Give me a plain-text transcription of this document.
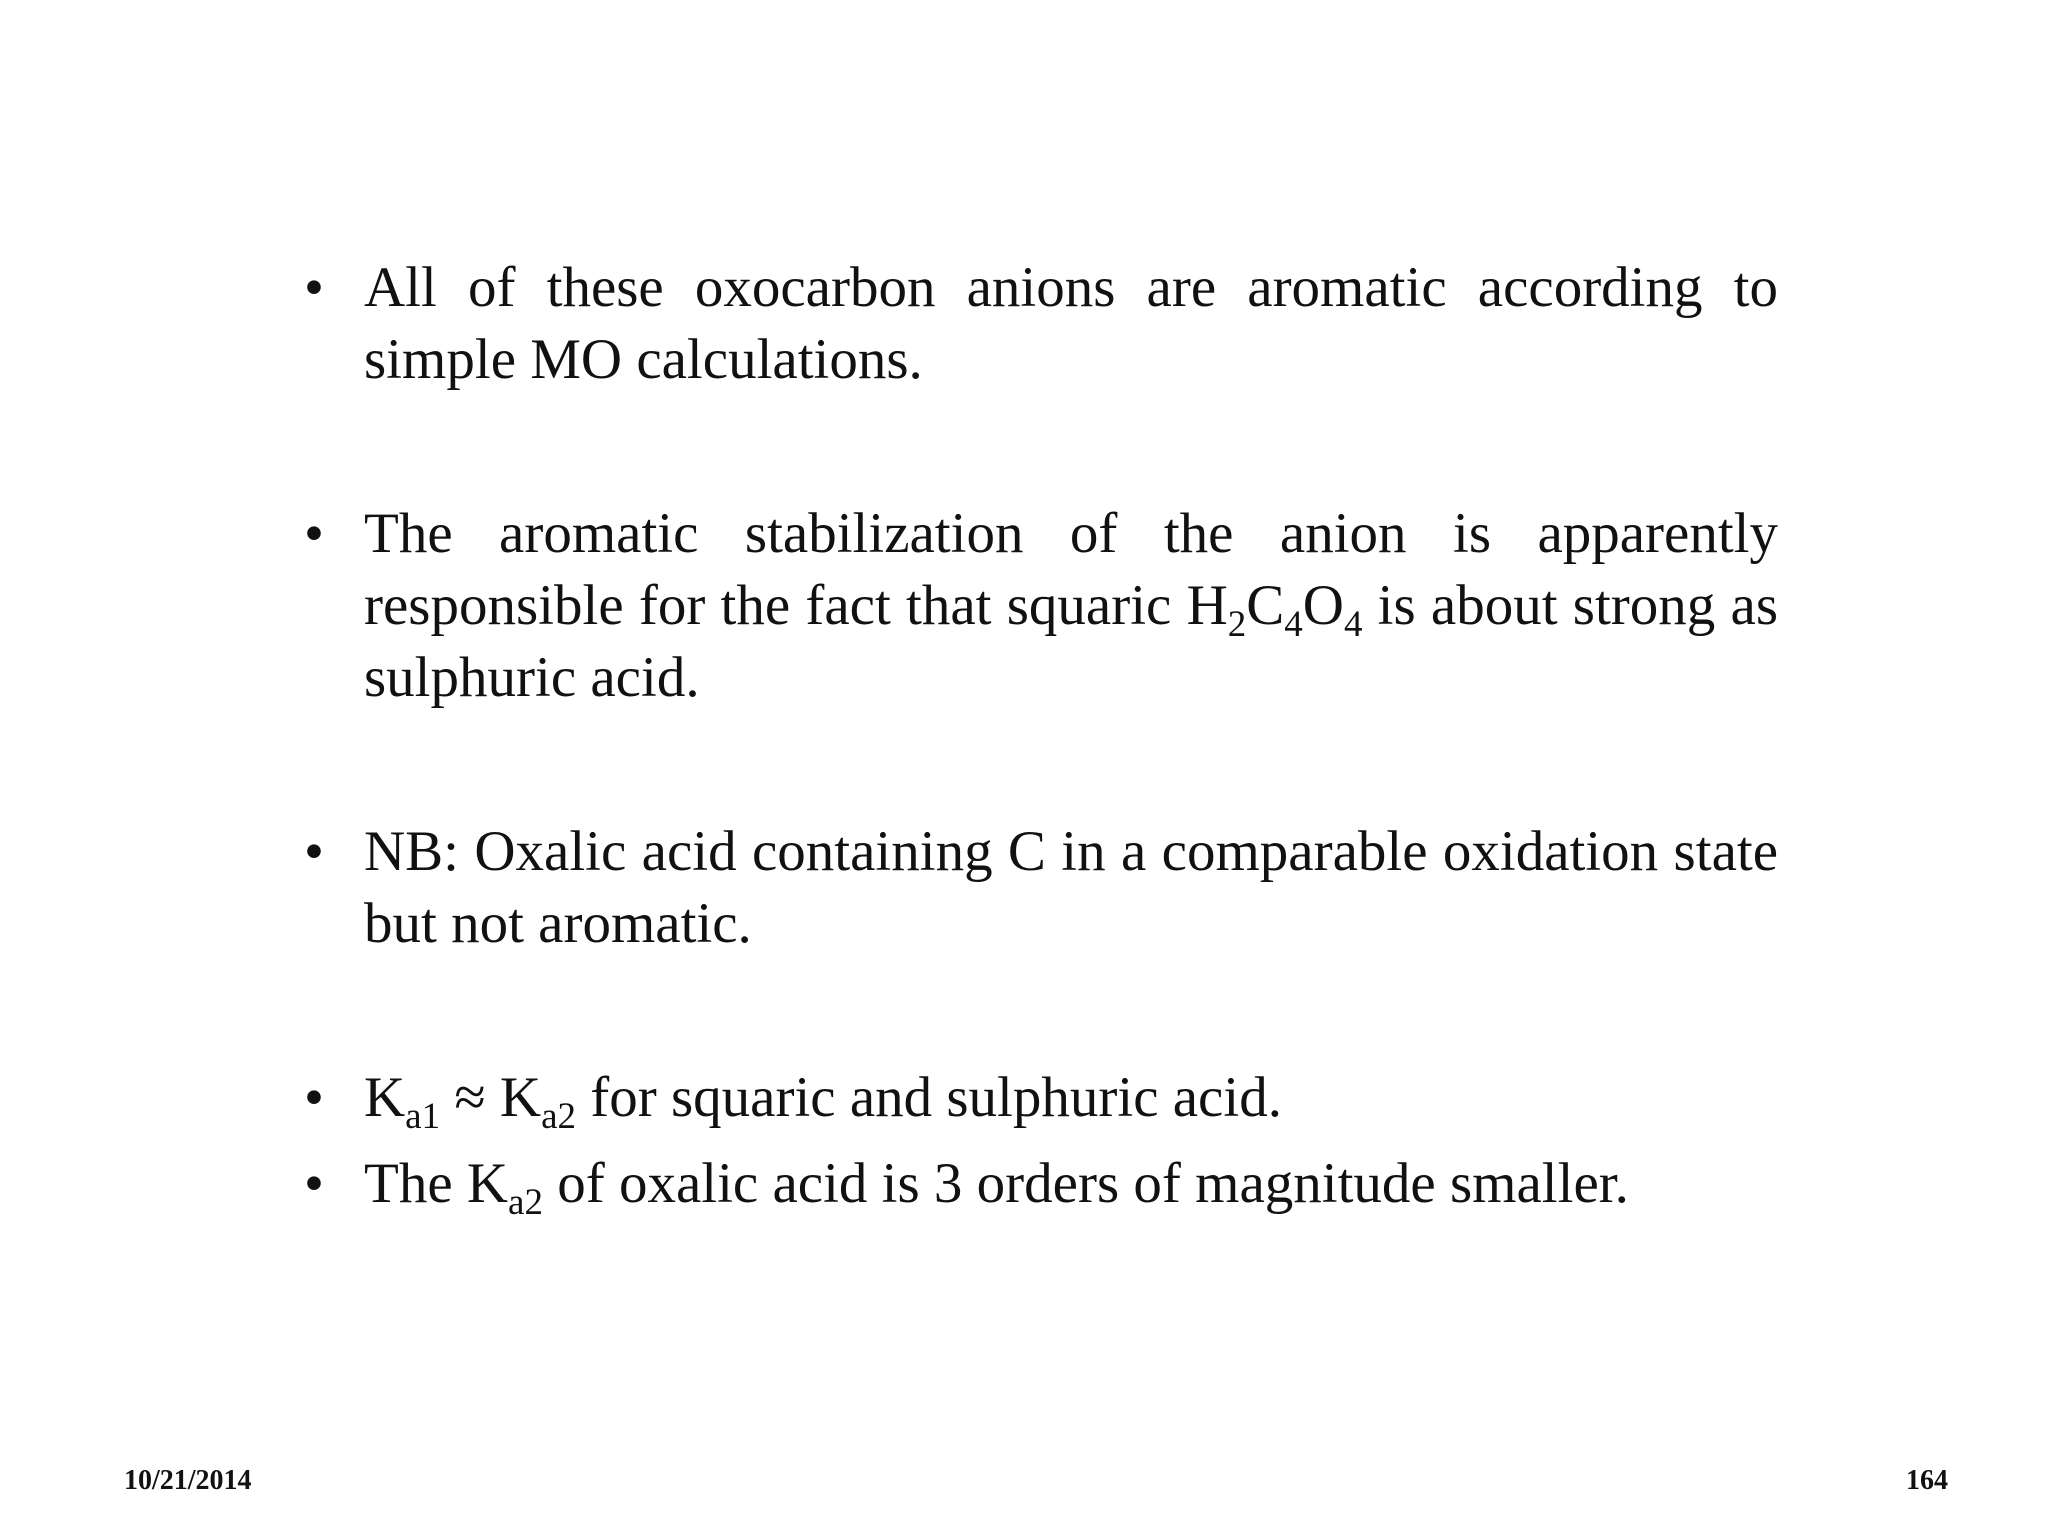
• All of these oxocarbon anions are aromatic according to simple MO calculations.
• The aromatic stabilization of the anion is apparently responsible for the fact that squaric $H_2C_4O_4$ is about strong as sulphuric acid.
• NB: Oxalic acid containing C in a comparable oxidation state but not aromatic.
• $K_{a1} \approx K_{a2}$ for squaric and sulphuric acid.
• The $K_{a2}$ of oxalic acid is 3 orders of magnitude smaller.
10/21/2014	164
